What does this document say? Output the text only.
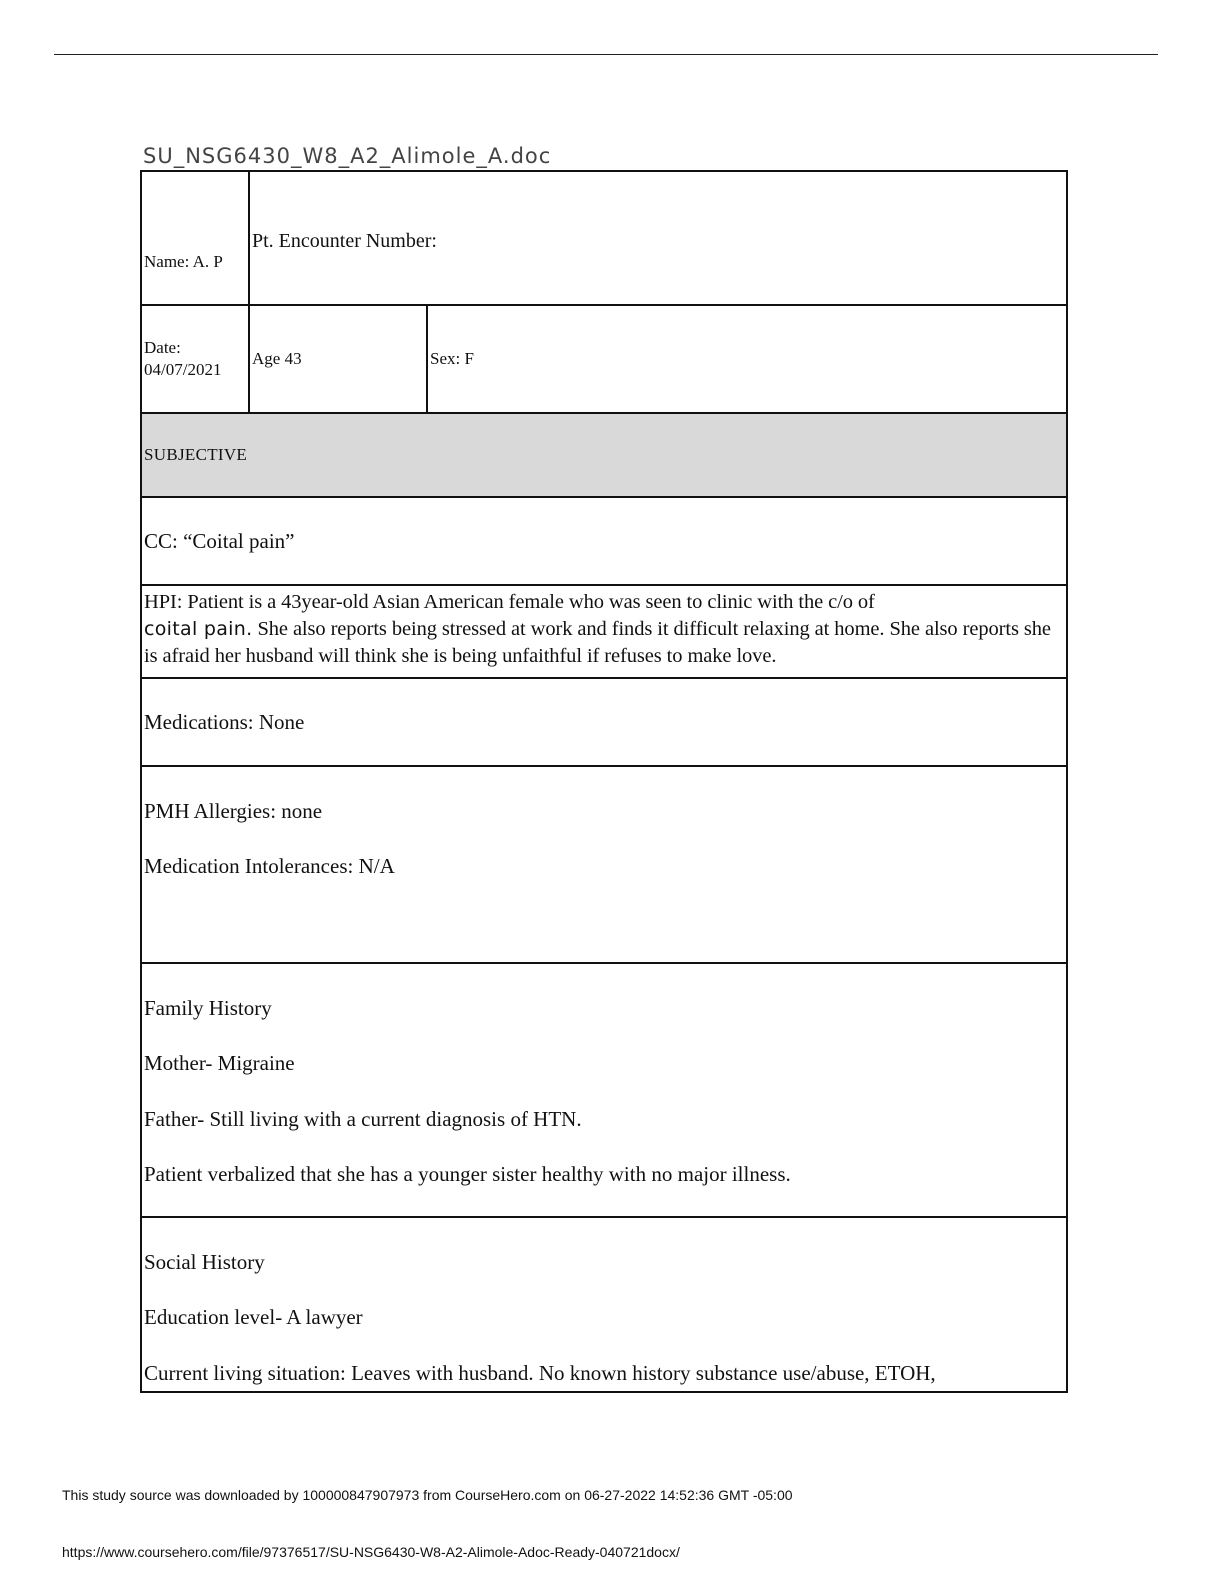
SU_NSG6430_W8_A2_Alimole_A.doc
Name: A. P
Pt. Encounter Number:
Date:
04/07/2021
Age 43	Sex: F
SUBJECTIVE
CC: “Coital pain”
HPI: Patient is a 43year-old Asian American female who was seen to clinic with the c/o of
coital pain. She also reports being stressed at work and finds it difficult relaxing at home. She also reports she is afraid her husband will think she is being unfaithful if refuses to make love.
Medications: None

PMH Allergies: none

Medication Intolerances: N/A

Family History

Mother- Migraine

Father- Still living with a current diagnosis of HTN.

Patient verbalized that she has a younger sister healthy with no major illness.

Social History

Education level- A lawyer

Current living situation: Leaves with husband. No known history substance use/abuse, ETOH,

This study source was downloaded by 100000847907973 from CourseHero.com on 06-27-2022 14:52:36 GMT -05:00
https://www.coursehero.com/file/97376517/SU-NSG6430-W8-A2-Alimole-Adoc-Ready-040721docx/
